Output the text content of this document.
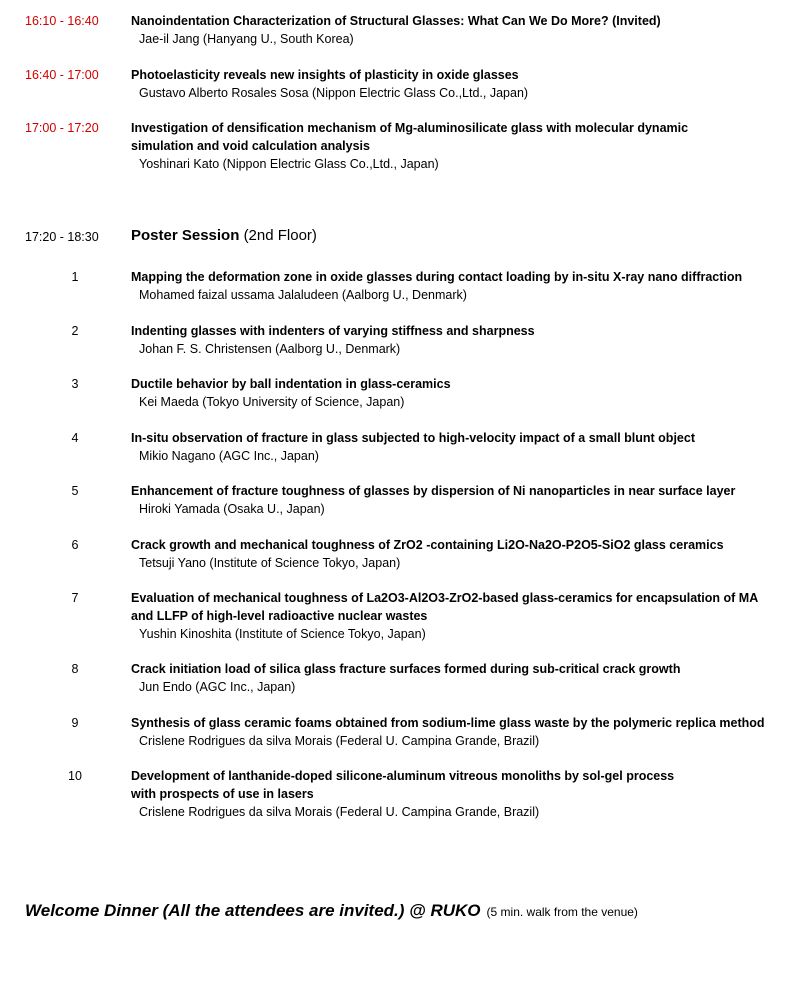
16:10 - 16:40	Nanoindentation Characterization of Structural Glasses: What Can We Do More? (Invited)
Jae-il Jang (Hanyang U., South Korea)
16:40 - 17:00	Photoelasticity reveals new insights of plasticity in oxide glasses
Gustavo Alberto Rosales Sosa (Nippon Electric Glass Co.,Ltd., Japan)
17:00 - 17:20	Investigation of densification mechanism of Mg-aluminosilicate glass with molecular dynamic
simulation and void calculation analysis
Yoshinari Kato (Nippon Electric Glass Co.,Ltd., Japan)
17:20 - 18:30 Poster Session (2nd Floor)
1	Mapping the deformation zone in oxide glasses during contact loading by in-situ X-ray nano diffraction
Mohamed faizal ussama Jalaludeen (Aalborg U., Denmark)
2	Indenting glasses with indenters of varying stiffness and sharpness
Johan F. S. Christensen (Aalborg U., Denmark)
3	Ductile behavior by ball indentation in glass-ceramics
Kei Maeda (Tokyo University of Science, Japan)
4	In-situ observation of fracture in glass subjected to high-velocity impact of a small blunt object
Mikio Nagano (AGC Inc., Japan)
5	Enhancement of fracture toughness of glasses by dispersion of Ni nanoparticles in near surface layer
Hiroki Yamada (Osaka U., Japan)
6	Crack growth and mechanical toughness of ZrO2 -containing Li2O-Na2O-P2O5-SiO2 glass ceramics
Tetsuji Yano (Institute of Science Tokyo, Japan)
7	Evaluation of mechanical toughness of La2O3-Al2O3-ZrO2-based glass-ceramics for encapsulation of MA
and LLFP of high-level radioactive nuclear wastes
Yushin Kinoshita (Institute of Science Tokyo, Japan)
8	Crack initiation load of silica glass fracture surfaces formed during sub-critical crack growth
Jun Endo (AGC Inc., Japan)
9	Synthesis of glass ceramic foams obtained from sodium-lime glass waste by the polymeric replica method
Crislene Rodrigues da silva Morais (Federal U. Campina Grande, Brazil)
10	Development of lanthanide-doped silicone-aluminum vitreous monoliths by sol-gel process
with prospects of use in lasers
Crislene Rodrigues da silva Morais (Federal U. Campina Grande, Brazil)
Welcome Dinner (All the attendees are invited.) @ RUKO (5 min. walk from the venue)
